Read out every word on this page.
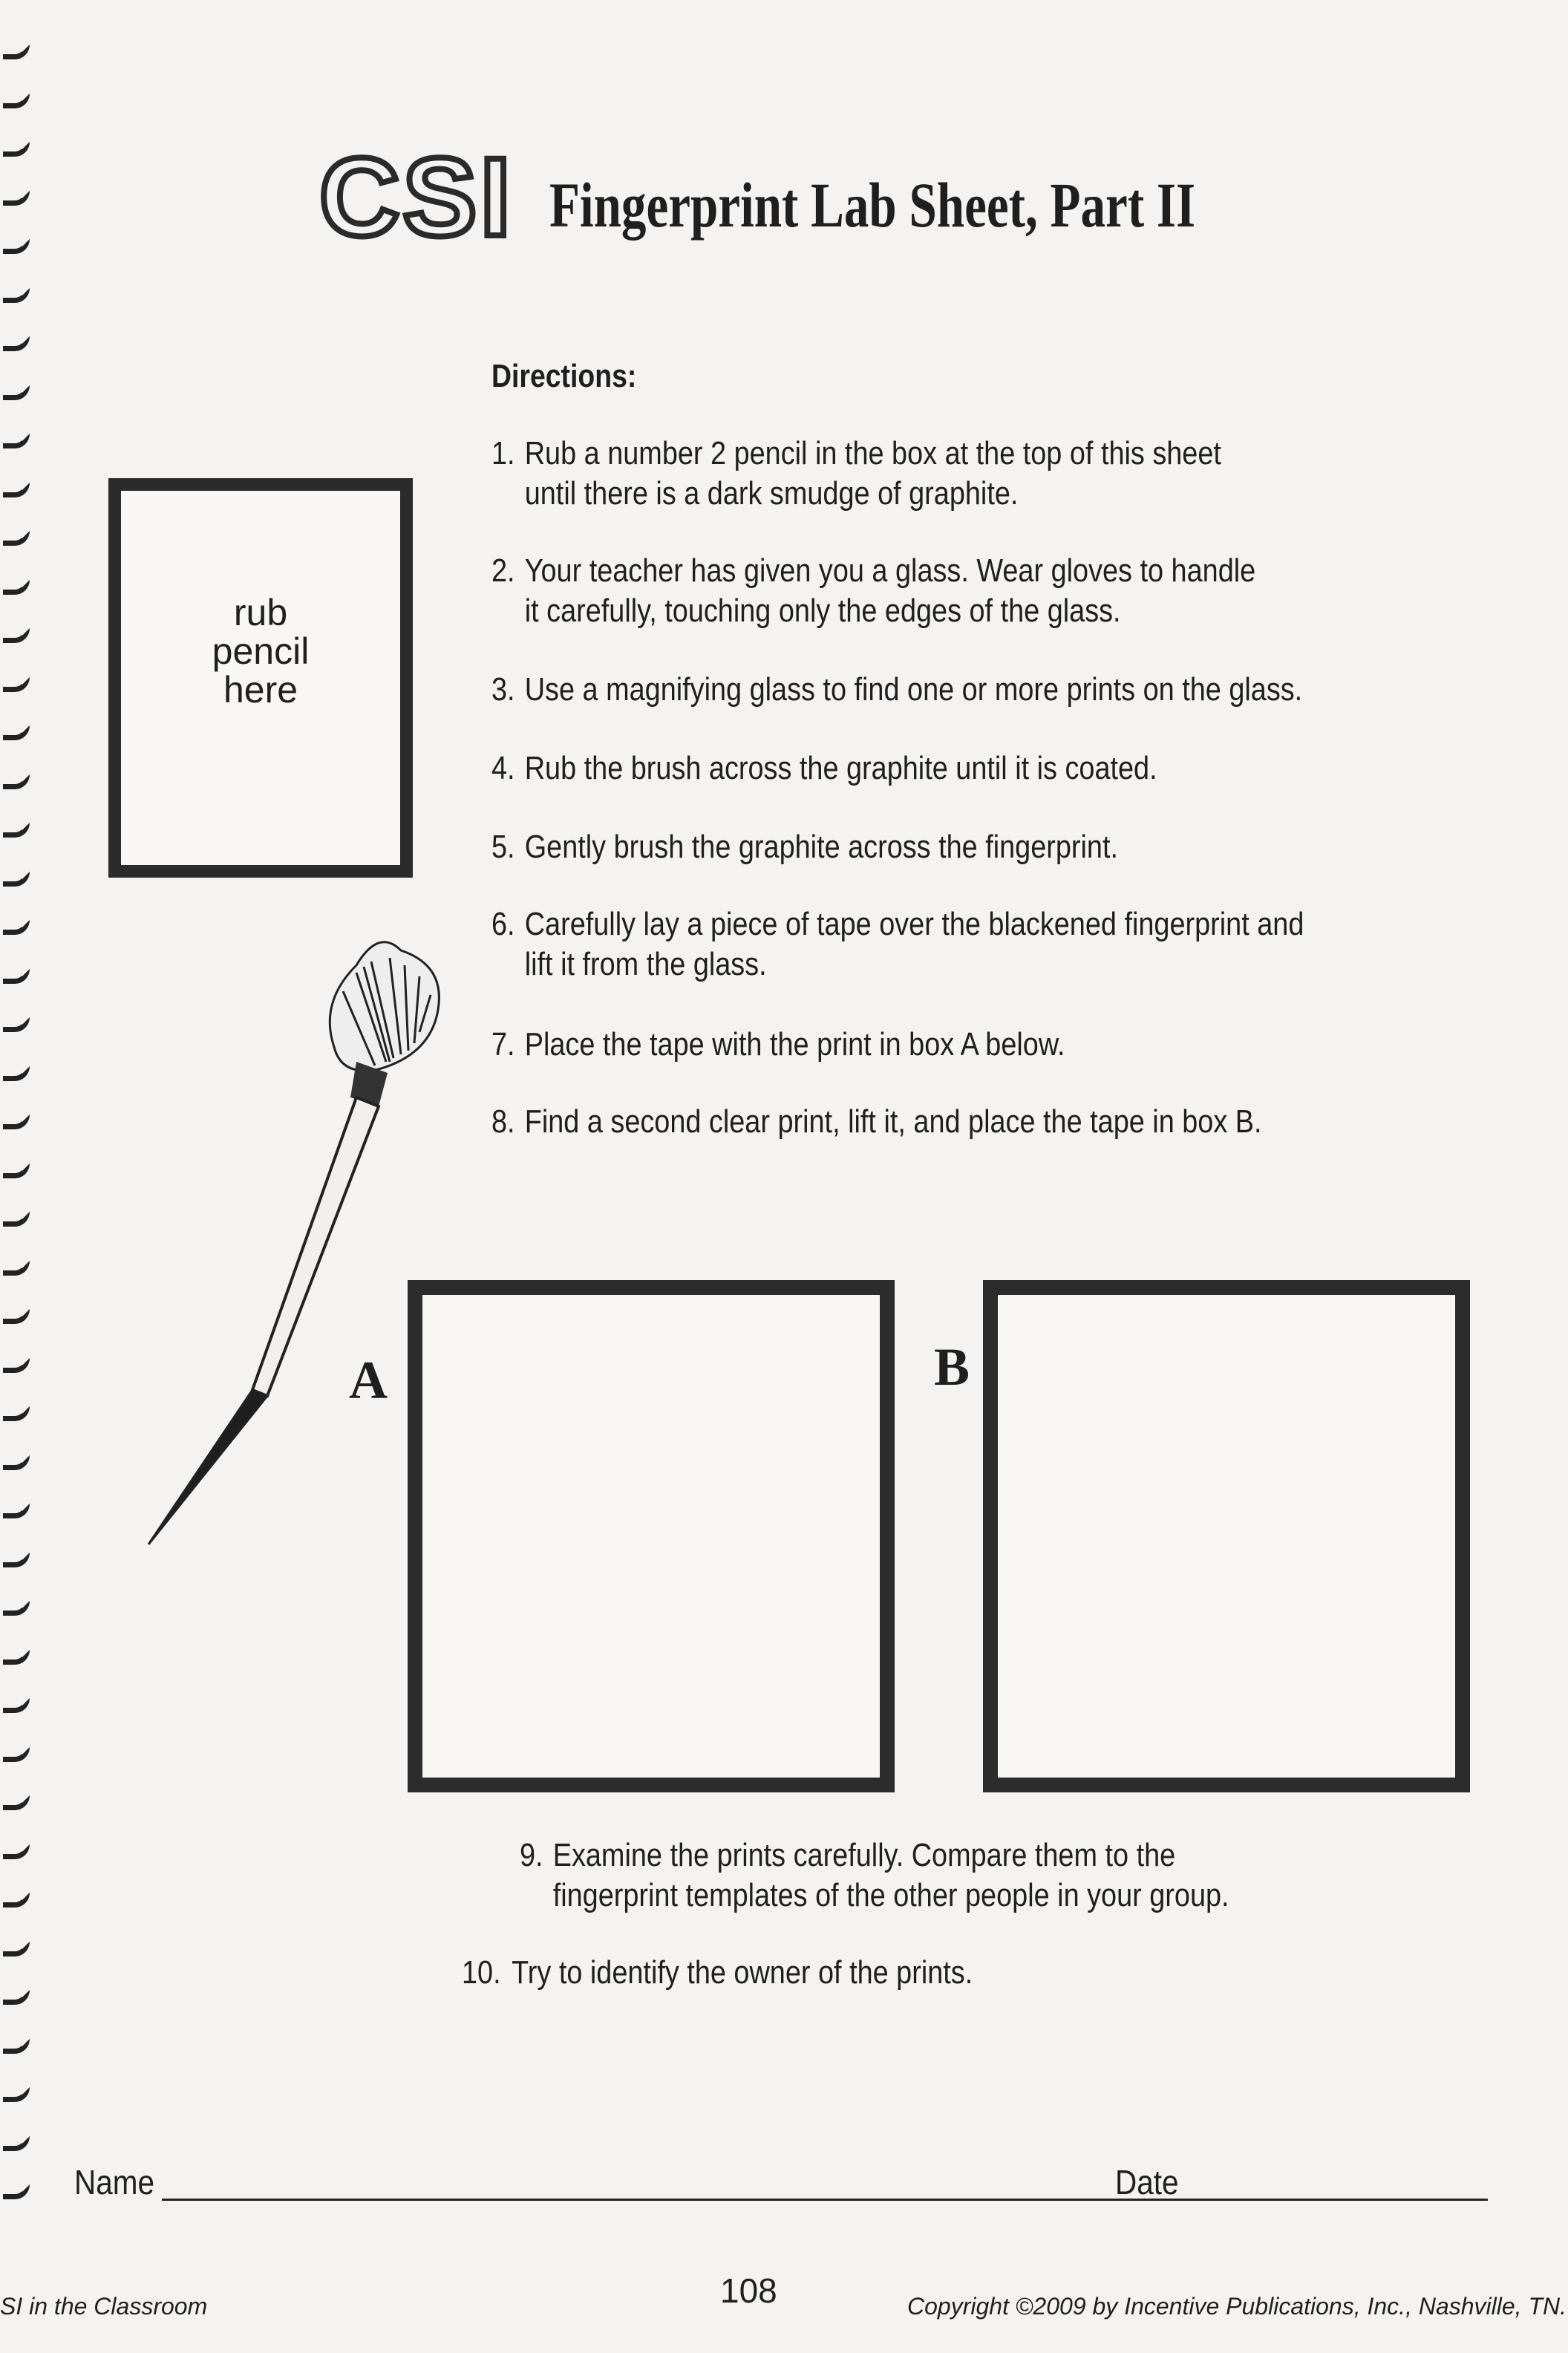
CSI Fingerprint Lab Sheet, Part II
rub
pencil
here
Directions:
1. Rub a number 2 pencil in the box at the top of this sheet
until there is a dark smudge of graphite.
2. Your teacher has given you a glass. Wear gloves to handle
it carefully, touching only the edges of the glass.
3. Use a magnifying glass to find one or more prints on the glass.
4. Rub the brush across the graphite until it is coated.
5. Gently brush the graphite across the fingerprint.
6. Carefully lay a piece of tape over the blackened fingerprint and
lift it from the glass.
7. Place the tape with the print in box A below.
8. Find a second clear print, lift it, and place the tape in box B.
A	B
9. Examine the prints carefully. Compare them to the
fingerprint templates of the other people in your group.
10. Try to identify the owner of the prints.
Name	Date
SI in the Classroom	108	Copyright ©2009 by Incentive Publications, Inc., Nashville, TN.
